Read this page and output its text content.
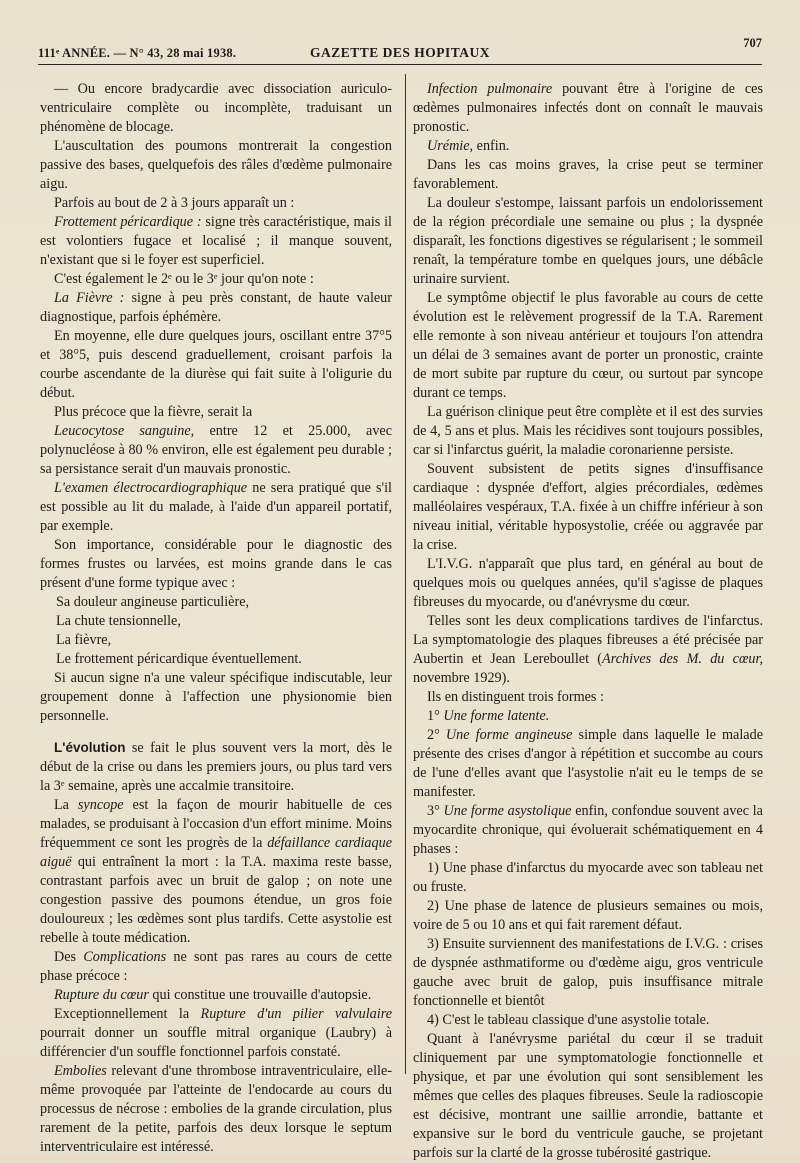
111ᵉ ANNÉE. — N° 43, 28 mai 1938.	GAZETTE DES HOPITAUX
707

— Ou encore bradycardie avec dissociation auriculo-ventriculaire complète ou incomplète, traduisant un phénomène de blocage.

L'auscultation des poumons montrerait la congestion passive des bases, quelquefois des râles d'œdème pulmonaire aigu.

Parfois au bout de 2 à 3 jours apparaît un :

Frottement péricardique : signe très caractéristique, mais il est volontiers fugace et localisé ; il manque souvent, n'existant que si le foyer est superficiel.

C'est également le 2ᵉ ou le 3ᵉ jour qu'on note :

La Fièvre : signe à peu près constant, de haute valeur diagnostique, parfois éphémère.

En moyenne, elle dure quelques jours, oscillant entre 37°5 et 38°5, puis descend graduellement, croisant parfois la courbe ascendante de la diurèse qui fait suite à l'oligurie du début.

Plus précoce que la fièvre, serait la

Leucocytose sanguine, entre 12 et 25.000, avec polynucléose à 80 % environ, elle est également peu durable ; sa persistance serait d'un mauvais pronostic.

L'examen électrocardiographique ne sera pratiqué que s'il est possible au lit du malade, à l'aide d'un appareil portatif, par exemple.

Son importance, considérable pour le diagnostic des formes frustes ou larvées, est moins grande dans le cas présent d'une forme typique avec :

Sa douleur angineuse particulière,

La chute tensionnelle,

La fièvre,

Le frottement péricardique éventuellement.

Si aucun signe n'a une valeur spécifique indiscutable, leur groupement donne à l'affection une physionomie bien personnelle.

L'évolution se fait le plus souvent vers la mort, dès le début de la crise ou dans les premiers jours, ou plus tard vers la 3ᵉ semaine, après une accalmie transitoire.

La syncope est la façon de mourir habituelle de ces malades, se produisant à l'occasion d'un effort minime. Moins fréquemment ce sont les progrès de la défaillance cardiaque aiguë qui entraînent la mort : la T.A. maxima reste basse, contrastant parfois avec un bruit de galop ; on note une congestion passive des poumons étendue, un gros foie douloureux ; les œdèmes sont plus tardifs. Cette asystolie est rebelle à toute médication.

Des Complications ne sont pas rares au cours de cette phase précoce :

Rupture du cœur qui constitue une trouvaille d'autopsie.

Exceptionnellement la Rupture d'un pilier valvulaire pourrait donner un souffle mitral organique (Laubry) à différencier d'un souffle fonctionnel parfois constaté.

Embolies relevant d'une thrombose intraventriculaire, elle-même provoquée par l'atteinte de l'endocarde au cours du processus de nécrose : embolies de la grande circulation, plus rarement de la petite, parfois des deux lorsque le septum interventriculaire est intéressé.

Infection pulmonaire pouvant être à l'origine de ces œdèmes pulmonaires infectés dont on connaît le mauvais pronostic.

Urémie, enfin.

Dans les cas moins graves, la crise peut se terminer favorablement.

La douleur s'estompe, laissant parfois un endolorissement de la région précordiale une semaine ou plus ; la dyspnée disparaît, les fonctions digestives se régularisent ; le sommeil renaît, la température tombe en quelques jours, une débâcle urinaire survient.

Le symptôme objectif le plus favorable au cours de cette évolution est le relèvement progressif de la T.A. Rarement elle remonte à son niveau antérieur et toujours l'on attendra un délai de 3 semaines avant de porter un pronostic, crainte de mort subite par rupture du cœur, ou surtout par syncope durant ce temps.

La guérison clinique peut être complète et il est des survies de 4, 5 ans et plus. Mais les récidives sont toujours possibles, car si l'infarctus guérit, la maladie coronarienne persiste.

Souvent subsistent de petits signes d'insuffisance cardiaque : dyspnée d'effort, algies précordiales, œdèmes malléolaires vespéraux, T.A. fixée à un chiffre inférieur à son niveau initial, véritable hyposystolie, créée ou aggravée par la crise.

L'I.V.G. n'apparaît que plus tard, en général au bout de quelques mois ou quelques années, qu'il s'agisse de plaques fibreuses du myocarde, ou d'anévrysme du cœur.

Telles sont les deux complications tardives de l'infarctus. La symptomatologie des plaques fibreuses a été précisée par Aubertin et Jean Lereboullet (Archives des M. du cœur, novembre 1929).

Ils en distinguent trois formes :

1° Une forme latente.

2° Une forme angineuse simple dans laquelle le malade présente des crises d'angor à répétition et succombe au cours de l'une d'elles avant que l'asystolie n'ait eu le temps de se manifester.

3° Une forme asystolique enfin, confondue souvent avec la myocardite chronique, qui évoluerait schématiquement en 4 phases :

1) Une phase d'infarctus du myocarde avec son tableau net ou fruste.

2) Une phase de latence de plusieurs semaines ou mois, voire de 5 ou 10 ans et qui fait rarement défaut.

3) Ensuite surviennent des manifestations de I.V.G. : crises de dyspnée asthmatiforme ou d'œdème aigu, gros ventricule gauche avec bruit de galop, puis insuffisance mitrale fonctionnelle et bientôt

4) C'est le tableau classique d'une asystolie totale.

Quant à l'anévrysme pariétal du cœur il se traduit cliniquement par une symptomatologie fonctionnelle et physique, et par une évolution qui sont sensiblement les mêmes que celles des plaques fibreuses. Seule la radioscopie est décisive, montrant une saillie arrondie, battante et expansive sur le bord du ventricule gauche, se projetant parfois sur la clarté de la grosse tubérosité gastrique.
